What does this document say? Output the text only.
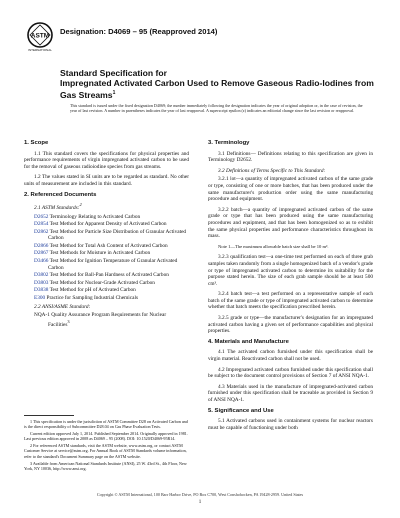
ASTM
INTERNATIONAL
Designation: D4069 – 95 (Reapproved 2014)
Standard Specification for
Impregnated Activated Carbon Used to Remove Gaseous Radio-Iodines from Gas Streams$^1$
This standard is issued under the fixed designation D4069; the number immediately following the designation indicates the year of original adoption or, in the case of revision, the year of last revision. A number in parentheses indicates the year of last reapproval. A superscript epsilon (ε) indicates an editorial change since the last revision or reapproval.
1. Scope

1.1 This standard covers the specifications for physical properties and performance requirements of virgin impregnated activated carbon to be used for the removal of gaseous radioiodine species from gas streams.

1.2 The values stated in SI units are to be regarded as standard. No other units of measurement are included in this standard.

2. Referenced Documents
2.1 ASTM Standards:$^2$
D2652 Terminology Relating to Activated Carbon
D2854 Test Method for Apparent Density of Activated Carbon
D2862 Test Method for Particle Size Distribution of Granular Activated Carbon
D2866 Test Method for Total Ash Content of Activated Carbon
D2867 Test Methods for Moisture in Activated Carbon
D3466 Test Method for Ignition Temperature of Granular Activated Carbon
D3802 Test Method for Ball-Pan Hardness of Activated Carbon
D3803 Test Method for Nuclear-Grade Activated Carbon
D3838 Test Method for pH of Activated Carbon
E300 Practice for Sampling Industrial Chemicals
2.2 ANSI/ASME Standard:
NQA-1 Quality Assurance Program Requirements for Nuclear Facilities$^3$

1 This specification is under the jurisdiction of ASTM Committee D28 on Activated Carbon and is the direct responsibility of Subcommittee D28.04 on Gas Phase Evaluation Tests.

Current edition approved July 1, 2014. Published September 2014. Originally approved in 1981. Last previous edition approved in 2008 as D4069 – 95 (2008). DOI: 10.1520/D4069-95R14.

2 For referenced ASTM standards, visit the ASTM website, www.astm.org, or contact ASTM Customer Service at service@astm.org. For Annual Book of ASTM Standards volume information, refer to the standard's Document Summary page on the ASTM website.

3 Available from American National Standards Institute (ANSI), 25 W. 43rd St., 4th Floor, New York, NY 10036, http://www.ansi.org.

3. Terminology

3.1 Definitions— Definitions relating to this specification are given in Terminology D2652.

3.2 Definitions of Terms Specific to This Standard:

3.2.1 lot—a quantity of impregnated activated carbon of the same grade or type, consisting of one or more batches, that has been produced under the same manufacturer's production order using the same manufacturing procedure and equipment.

3.2.2 batch—a quantity of impregnated activated carbon of the same grade or type that has been produced using the same manufacturing procedures and equipment, and that has been homogenized so as to exhibit the same physical properties and performance characteristics throughout its mass.

Note 1—The maximum allowable batch size shall be 10 m³.

3.2.3 qualification test—a one-time test performed on each of three grab samples taken randomly from a single homogenized batch of a vendor's grade or type of impregnated activated carbon to determine its suitability for the purpose stated herein. The size of each grab sample should be at least 500 cm³.

3.2.4 batch test—a test performed on a representative sample of each batch of the same grade or type of impregnated activated carbon to determine whether that batch meets the specification prescribed herein.

3.2.5 grade or type—the manufacturer's designation for an impregnated activated carbon having a given set of performance capabilities and physical properties.

4. Materials and Manufacture

4.1 The activated carbon furnished under this specification shall be virgin material. Reactivated carbon shall not be used.

4.2 Impregnated activated carbon furnished under this specification shall be subject to the document control provisions of Section 7 of ANSI NQA-1.

4.3 Materials used in the manufacture of impregnated-activated carbon furnished under this specification shall be traceable as provided in Section 9 of ANSI NQA-1.

5. Significance and Use

5.1 Activated carbons used in containment systems for nuclear reactors must be capable of functioning under both

Copyright © ASTM International, 100 Barr Harbor Drive, PO Box C700, West Conshohocken, PA 19428-2959. United States
1
